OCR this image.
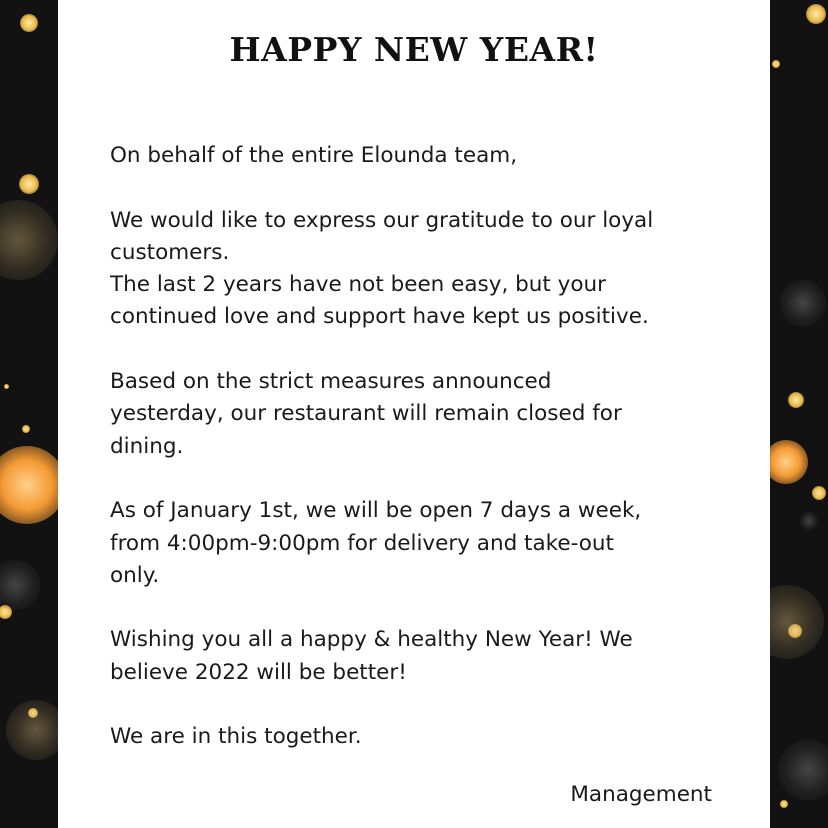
HAPPY NEW YEAR!
On behalf of the entire Elounda team,
We would like to express our gratitude to our loyal
customers.
The last 2 years have not been easy, but your
continued love and support have kept us positive.
Based on the strict measures announced
yesterday, our restaurant will remain closed for
dining.
As of January 1st, we will be open 7 days a week,
from 4:00pm-9:00pm for delivery and take-out
only.
Wishing you all a happy & healthy New Year! We
believe 2022 will be better!
We are in this together.
Management
